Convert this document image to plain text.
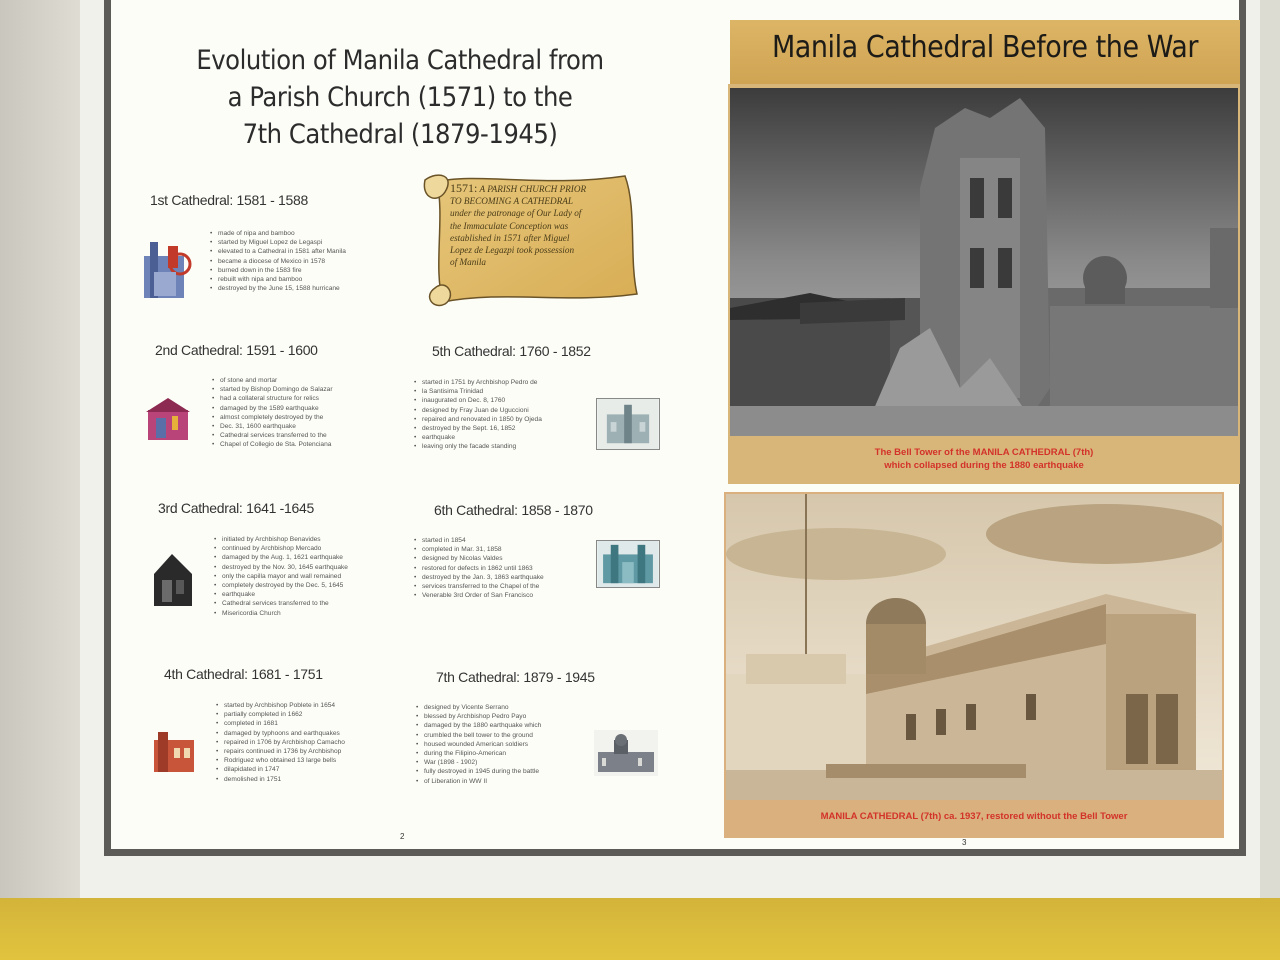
Evolution of Manila Cathedral from
a Parish Church (1571) to the
7th Cathedral (1879-1945)
1571: A PARISH CHURCH PRIOR
TO BECOMING A CATHEDRAL
under the patronage of Our Lady of
the Immaculate Conception was
established in 1571 after Miguel
Lopez de Legazpi took possession
of Manila
1st Cathedral: 1581 - 1588
• made of nipa and bamboo
• started by Miguel Lopez de Legaspi
• elevated to a Cathedral in 1581 after Manila
• became a diocese of Mexico in 1578
• burned down in the 1583 fire
• rebuilt with nipa and bamboo
• destroyed by the June 15, 1588 hurricane
2nd Cathedral: 1591 - 1600
• of stone and mortar
• started by Bishop Domingo de Salazar
• had a collateral structure for relics
• damaged by the 1589 earthquake
• almost completely destroyed by the
• Dec. 31, 1600 earthquake
• Cathedral services transferred to the
• Chapel of Collegio de Sta. Potenciana
3rd Cathedral: 1641 -1645
• initiated by Archbishop Benavides
• continued by Archbishop Mercado
• damaged by the Aug. 1, 1621 earthquake
• destroyed by the Nov. 30, 1645 earthquake
• only the capilla mayor and wall remained
• completely destroyed by the Dec. 5, 1645
• earthquake
• Cathedral services transferred to the
• Misericordia Church
4th Cathedral: 1681 - 1751
• started by Archbishop Poblete in 1654
• partially completed in 1662
• completed in 1681
• damaged by typhoons and earthquakes
• repaired in 1706 by Archbishop Camacho
• repairs continued in 1736 by Archbishop
• Rodriguez who obtained 13 large bells
• dilapidated in 1747
• demolished in 1751
5th Cathedral: 1760 - 1852
• started in 1751 by Archbishop Pedro de
• la Santisima Trinidad
• inaugurated on Dec. 8, 1760
• designed by Fray Juan de Uguccioni
• repaired and renovated in 1850 by Ojeda
• destroyed by the Sept. 16, 1852
• earthquake
• leaving only the facade standing
6th Cathedral: 1858 - 1870
• started in 1854
• completed in Mar. 31, 1858
• designed by Nicolas Valdes
• restored for defects in 1862 until 1863
• destroyed by the Jan. 3, 1863 earthquake
• services transferred to the Chapel of the
• Venerable 3rd Order of San Francisco
7th Cathedral: 1879 - 1945
• designed by Vicente Serrano
• blessed by Archbishop Pedro Payo
• damaged by the 1880 earthquake which
• crumbled the bell tower to the ground
• housed wounded American soldiers
• during the Filipino-American
• War (1898 - 1902)
• fully destroyed in 1945 during the battle
• of Liberation in WW II
2
Manila Cathedral Before the War
The Bell Tower of the MANILA CATHEDRAL (7th)
which collapsed during the 1880 earthquake
MANILA CATHEDRAL (7th) ca. 1937, restored without the Bell Tower
3
